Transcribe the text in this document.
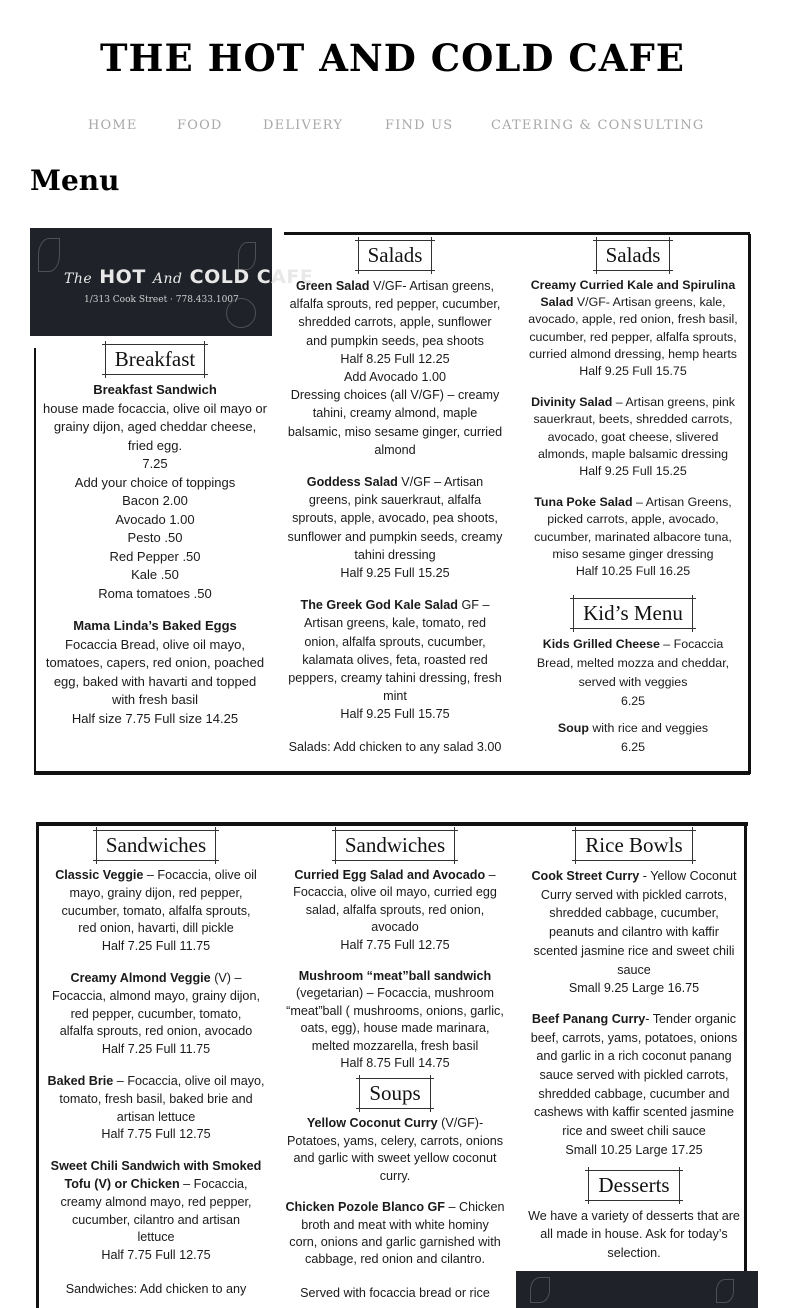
THE HOT AND COLD CAFE
HOME	FOOD	DELIVERY	FIND US	CATERING & CONSULTING
Menu
The HOT And COLD CAFE
1/313 Cook Street · 778.433.1007
Breakfast

Breakfast Sandwich

house made focaccia, olive oil mayo or

grainy dijon, aged cheddar cheese,

fried egg.

7.25

Add your choice of toppings

Bacon 2.00

Avocado 1.00

Pesto .50

Red Pepper .50

Kale .50

Roma tomatoes .50

Mama Linda’s Baked Eggs

Focaccia Bread, olive oil mayo,

tomatoes, capers, red onion, poached

egg, baked with havarti and topped

with fresh basil

Half size 7.75 Full size 14.25

Salads

Green Salad V/GF- Artisan greens,

alfalfa sprouts, red pepper, cucumber,

shredded carrots, apple, sunflower

and pumpkin seeds, pea shoots

Half 8.25 Full 12.25

Add Avocado 1.00

Dressing choices (all V/GF) – creamy

tahini, creamy almond, maple

balsamic, miso sesame ginger, curried

almond

Goddess Salad V/GF – Artisan

greens, pink sauerkraut, alfalfa

sprouts, apple, avocado, pea shoots,

sunflower and pumpkin seeds, creamy

tahini dressing

Half 9.25 Full 15.25

The Greek God Kale Salad GF –

Artisan greens, kale, tomato, red

onion, alfalfa sprouts, cucumber,

kalamata olives, feta, roasted red

peppers, creamy tahini dressing, fresh

mint

Half 9.25 Full 15.75

Salads: Add chicken to any salad 3.00

Salads

Creamy Curried Kale and Spirulina

Salad V/GF- Artisan greens, kale,

avocado, apple, red onion, fresh basil,

cucumber, red pepper, alfalfa sprouts,

curried almond dressing, hemp hearts

Half 9.25 Full 15.75

Divinity Salad – Artisan greens, pink

sauerkraut, beets, shredded carrots,

avocado, goat cheese, slivered

almonds, maple balsamic dressing

Half 9.25 Full 15.25

Tuna Poke Salad – Artisan Greens,

picked carrots, apple, avocado,

cucumber, marinated albacore tuna,

miso sesame ginger dressing

Half 10.25 Full 16.25

Kid’s Menu

Kids Grilled Cheese – Focaccia

Bread, melted mozza and cheddar,

served with veggies

6.25

Soup with rice and veggies

6.25

Sandwiches

Classic Veggie – Focaccia, olive oil

mayo, grainy dijon, red pepper,

cucumber, tomato, alfalfa sprouts,

red onion, havarti, dill pickle

Half 7.25 Full 11.75

Creamy Almond Veggie (V) –

Focaccia, almond mayo, grainy dijon,

red pepper, cucumber, tomato,

alfalfa sprouts, red onion, avocado

Half 7.25 Full 11.75

Baked Brie – Focaccia, olive oil mayo,

tomato, fresh basil, baked brie and

artisan lettuce

Half 7.75 Full 12.75

Sweet Chili Sandwich with Smoked

Tofu (V) or Chicken – Focaccia,

creamy almond mayo, red pepper,

cucumber, cilantro and artisan

lettuce

Half 7.75 Full 12.75

Sandwiches: Add chicken to any

Sandwiches

Curried Egg Salad and Avocado –

Focaccia, olive oil mayo, curried egg

salad, alfalfa sprouts, red onion,

avocado

Half 7.75 Full 12.75

Mushroom “meat”ball sandwich

(vegetarian) – Focaccia, mushroom

“meat”ball ( mushrooms, onions, garlic,

oats, egg), house made marinara,

melted mozzarella, fresh basil

Half 8.75 Full 14.75

Soups

Yellow Coconut Curry (V/GF)-

Potatoes, yams, celery, carrots, onions

and garlic with sweet yellow coconut

curry.

Chicken Pozole Blanco GF – Chicken

broth and meat with white hominy

corn, onions and garlic garnished with

cabbage, red onion and cilantro.

Served with focaccia bread or rice

Rice Bowls

Cook Street Curry - Yellow Coconut

Curry served with pickled carrots,

shredded cabbage, cucumber,

peanuts and cilantro with kaffir

scented jasmine rice and sweet chili

sauce

Small 9.25 Large 16.75

Beef Panang Curry- Tender organic

beef, carrots, yams, potatoes, onions

and garlic in a rich coconut panang

sauce served with pickled carrots,

shredded cabbage, cucumber and

cashews with kaffir scented jasmine

rice and sweet chili sauce

Small 10.25 Large 17.25

Desserts

We have a variety of desserts that are

all made in house. Ask for today’s

selection.
